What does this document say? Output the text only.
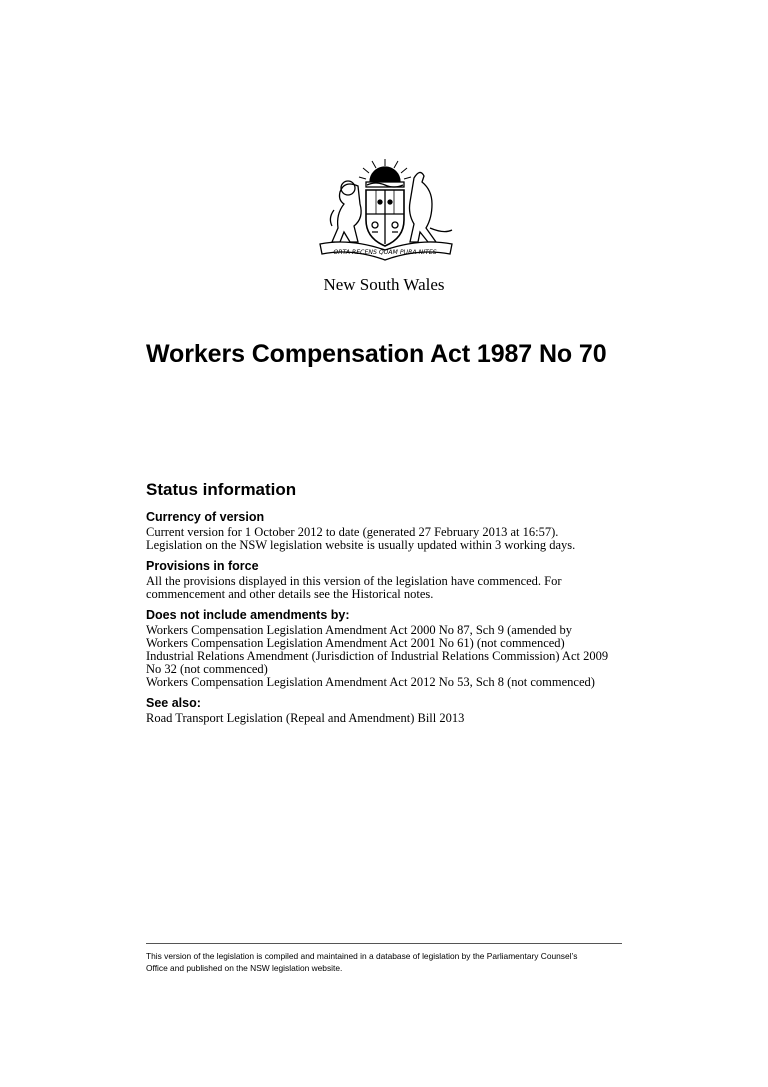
ORTA RECENS QUAM PURA NITES
New South Wales
Workers Compensation Act 1987 No 70
Status information
Currency of version
Current version for 1 October 2012 to date (generated 27 February 2013 at 16:57).
Legislation on the NSW legislation website is usually updated within 3 working days.
Provisions in force
All the provisions displayed in this version of the legislation have commenced. For
commencement and other details see the Historical notes.
Does not include amendments by:
Workers Compensation Legislation Amendment Act 2000 No 87, Sch 9 (amended by
Workers Compensation Legislation Amendment Act 2001 No 61) (not commenced)
Industrial Relations Amendment (Jurisdiction of Industrial Relations Commission) Act 2009
No 32 (not commenced)
Workers Compensation Legislation Amendment Act 2012 No 53, Sch 8 (not commenced)
See also:
Road Transport Legislation (Repeal and Amendment) Bill 2013
This version of the legislation is compiled and maintained in a database of legislation by the Parliamentary Counsel’s
Office and published on the NSW legislation website.
